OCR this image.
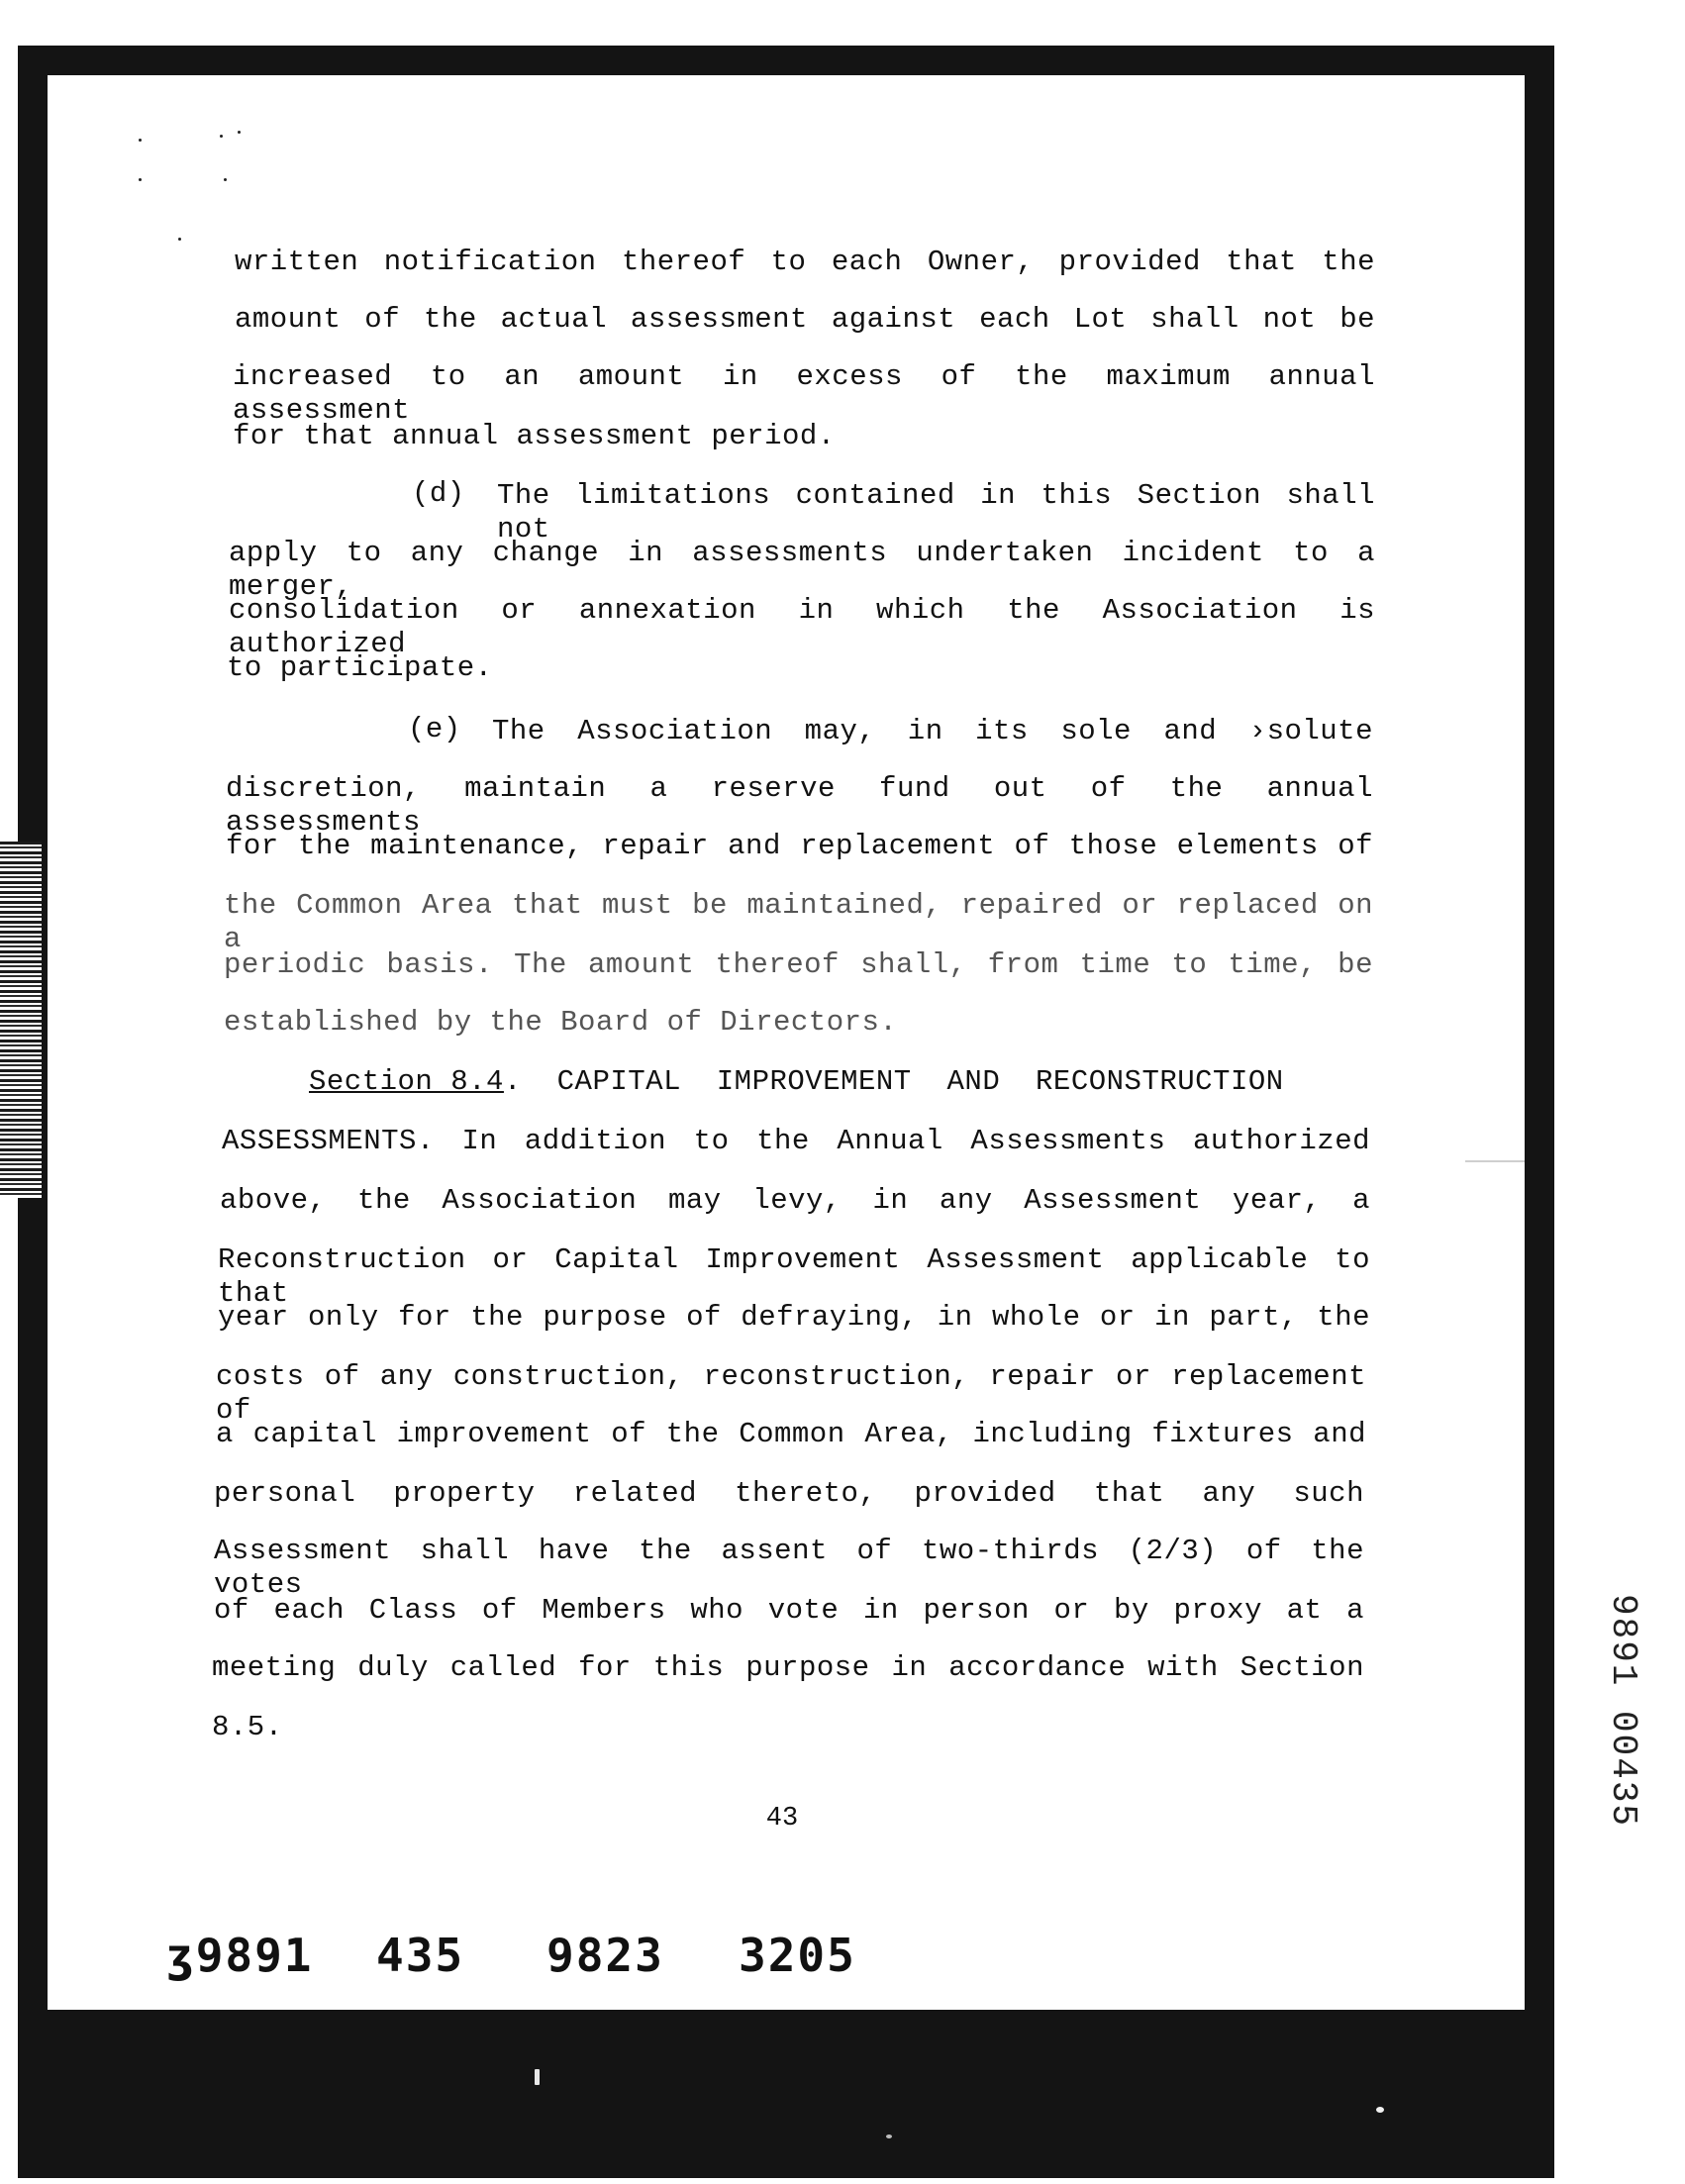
written notification thereof to each Owner, provided that the
amount of the actual assessment against each Lot shall not be
increased to an amount in excess of the maximum annual assessment
for that annual assessment period.
(d) The limitations contained in this Section shall not
apply to any change in assessments undertaken incident to a merger,
consolidation or annexation in which the Association is authorized
to participate.
(e) The Association may, in its sole and ›solute
discretion, maintain a reserve fund out of the annual assessments
for the maintenance, repair and replacement of those elements of
the Common Area that must be maintained, repaired or replaced on a
periodic basis. The amount thereof shall, from time to time, be
established by the Board of Directors.
Section 8.4.  CAPITAL  IMPROVEMENT  AND  RECONSTRUCTION
ASSESSMENTS. In addition to the Annual Assessments authorized
above, the Association may levy, in any Assessment year, a
Reconstruction or Capital Improvement Assessment applicable to that
year only for the purpose of defraying, in whole or in part, the
costs of any construction, reconstruction, repair or replacement of
a capital improvement of the Common Area, including fixtures and
personal property related thereto, provided that any such
Assessment shall have the assent of two-thirds (2/3) of the votes
of each Class of Members who vote in person or by proxy at a
meeting duly called for this purpose in accordance with Section
8.5.
43
ʒ9891 435 9823 3205
9891 00435
